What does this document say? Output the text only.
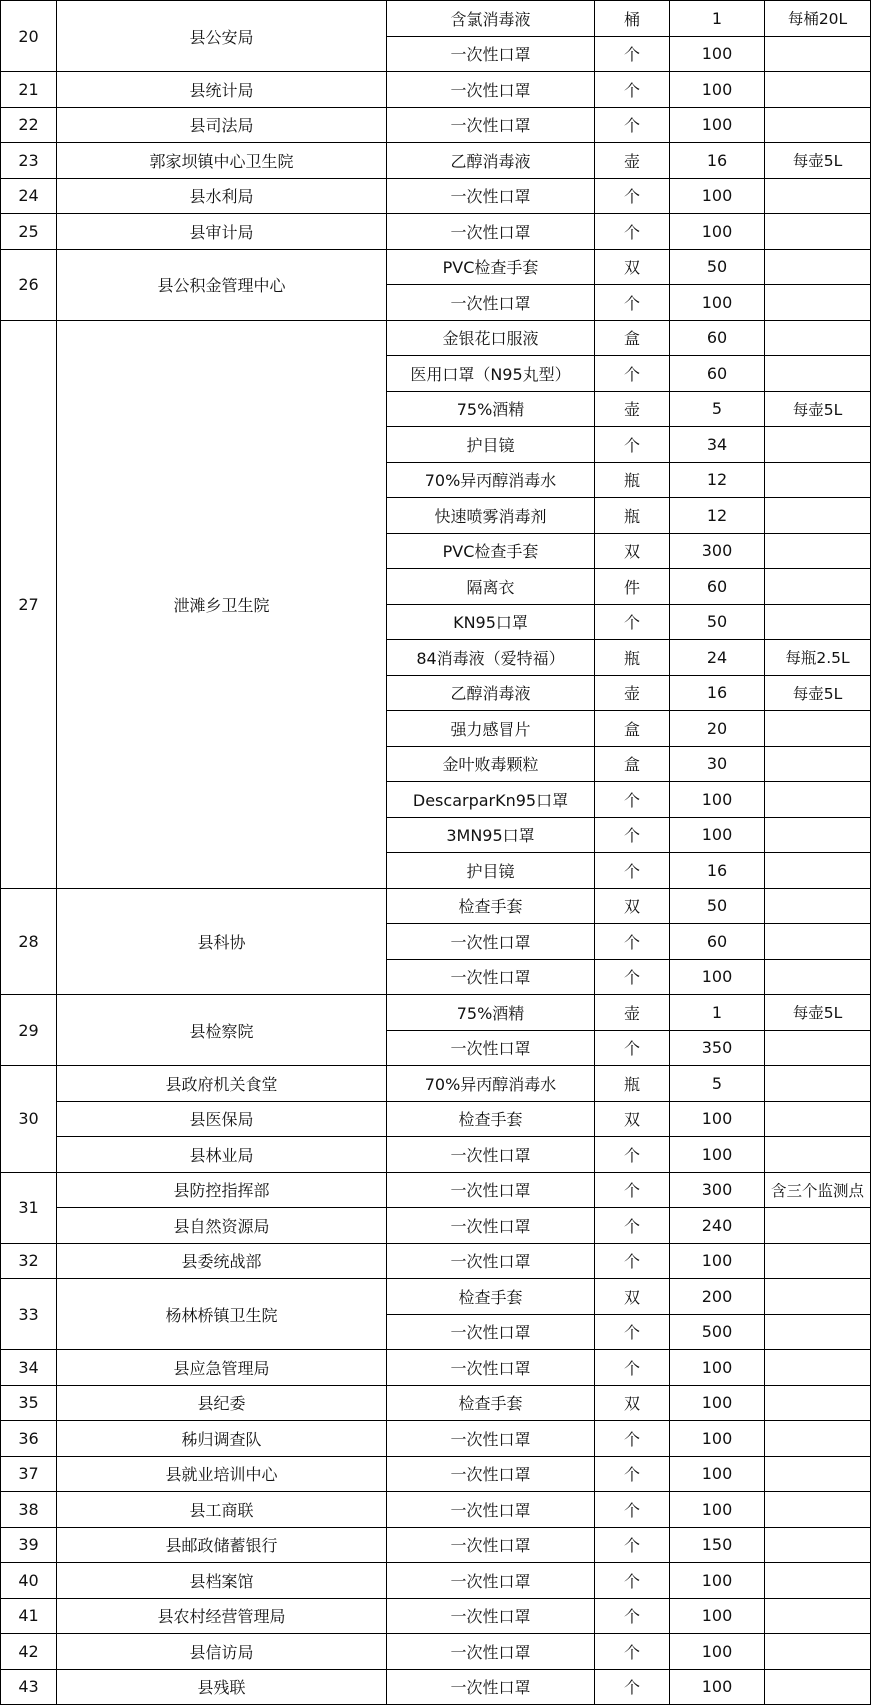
20	县公安局	含氯消毒液	桶	1	每桶20L
		一次性口罩	个	100	
21	县统计局	一次性口罩	个	100	
22	县司法局	一次性口罩	个	100	
23	郭家坝镇中心卫生院	乙醇消毒液	壶	16	每壶5L
24	县水利局	一次性口罩	个	100	
25	县审计局	一次性口罩	个	100	
26	县公积金管理中心	PVC检查手套	双	50	
		一次性口罩	个	100	
27	泄滩乡卫生院	金银花口服液	盒	60	
		医用口罩（N95丸型）	个	60	
		75%酒精	壶	5	每壶5L
		护目镜	个	34	
		70%异丙醇消毒水	瓶	12	
		快速喷雾消毒剂	瓶	12	
		PVC检查手套	双	300	
		隔离衣	件	60	
		KN95口罩	个	50	
		84消毒液（爱特福）	瓶	24	每瓶2.5L
		乙醇消毒液	壶	16	每壶5L
		强力感冒片	盒	20	
		金叶败毒颗粒	盒	30	
		DescarparKn95口罩	个	100	
		3MN95口罩	个	100	
		护目镜	个	16	
28	县科协	检查手套	双	50	
		一次性口罩	个	60	
		一次性口罩	个	100	
29	县检察院	75%酒精	壶	1	每壶5L
		一次性口罩	个	350	
30	县政府机关食堂	70%异丙醇消毒水	瓶	5	
	县医保局	检查手套	双	100	
	县林业局	一次性口罩	个	100	
31	县防控指挥部	一次性口罩	个	300	含三个监测点
	县自然资源局	一次性口罩	个	240	
32	县委统战部	一次性口罩	个	100	
33	杨林桥镇卫生院	检查手套	双	200	
		一次性口罩	个	500	
34	县应急管理局	一次性口罩	个	100	
35	县纪委	检查手套	双	100	
36	秭归调查队	一次性口罩	个	100	
37	县就业培训中心	一次性口罩	个	100	
38	县工商联	一次性口罩	个	100	
39	县邮政储蓄银行	一次性口罩	个	150	
40	县档案馆	一次性口罩	个	100	
41	县农村经营管理局	一次性口罩	个	100	
42	县信访局	一次性口罩	个	100	
43	县残联	一次性口罩	个	100	
